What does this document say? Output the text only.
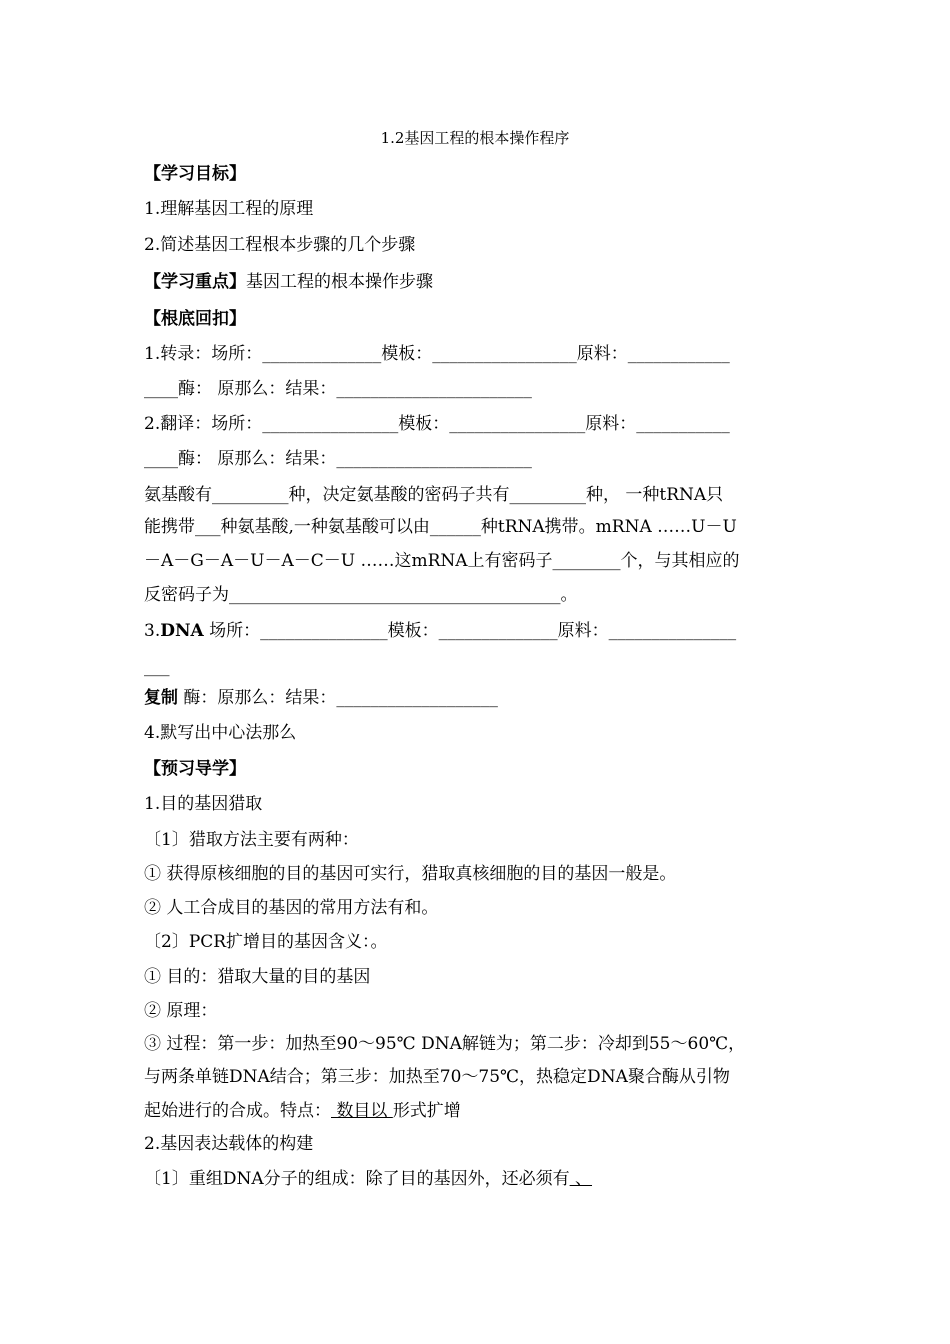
1.2基因工程的根本操作程序
【学习目标】
1.理解基因工程的原理
2.简述基因工程根本步骤的几个步骤
【学习重点】基因工程的根本操作步骤
【根底回扣】
1.转录：场所：______________模板：_________________原料：____________
____酶： 原那么：结果：_______________________
2.翻译：场所：________________模板：________________原料：___________
____酶： 原那么：结果：_______________________
氨基酸有_________种，决定氨基酸的密码子共有_________种， 一种tRNA只
能携带___种氨基酸,一种氨基酸可以由______种tRNA携带。mRNA ……U－U
－A－G－A－U－A－C－U ……这mRNA上有密码子________个，与其相应的
反密码子为_______________________________________。
3.DNA 场所：_______________模板：______________原料：_______________
___
复制 酶：原那么：结果：___________________
4.默写出中心法那么
【预习导学】
1.目的基因猎取
〔1〕猎取方法主要有两种：
① 获得原核细胞的目的基因可实行，猎取真核细胞的目的基因一般是。
② 人工合成目的基因的常用方法有和。
〔2〕PCR扩增目的基因含义：。
① 目的：猎取大量的目的基因
② 原理：
③ 过程：第一步：加热至90～95℃ DNA解链为；第二步：冷却到55～60℃，
与两条单链DNA结合；第三步：加热至70～75℃，热稳定DNA聚合酶从引物
起始进行的合成。特点： 数目以 形式扩增
2.基因表达载体的构建
〔1〕重组DNA分子的组成：除了目的基因外，还必须有 、
